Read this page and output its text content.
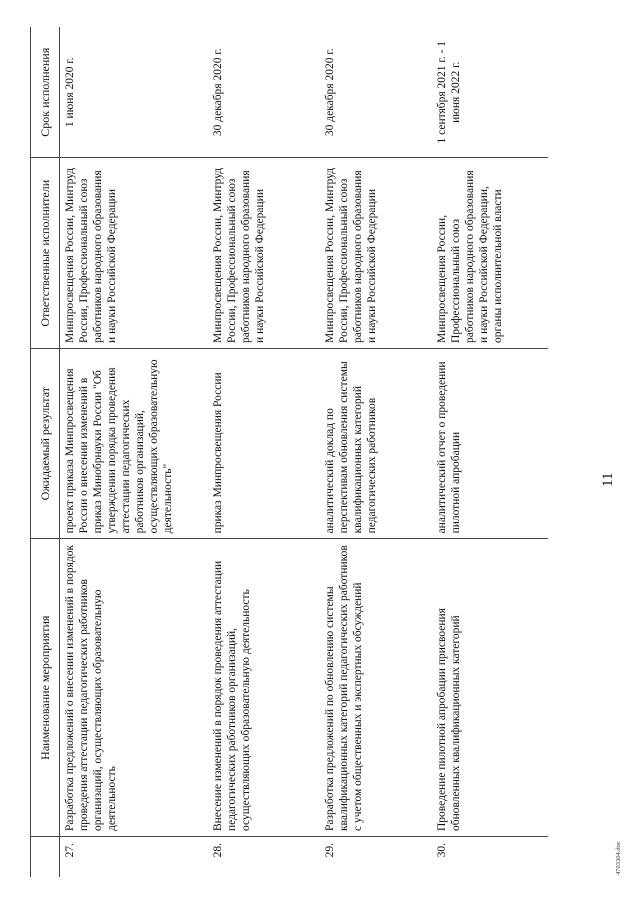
	Наименование мероприятия	Ожидаемый результат	Ответственные исполнители	Срок исполнения
27.	Разработка предложений о внесении изменений в порядок проведения аттестации педагогических работников организаций, осуществляющих образовательную деятельность	проект приказа Минпросвещения России о внесении изменений в приказ Минобрнауки России "Об утверждении порядка проведения аттестации педагогических работников организаций, осуществляющих образовательную деятельность"	Минпросвещения России, Минтруд России, Профессиональный союз работников народного образования и науки Российской Федерации	1 июня 2020 г.
28.	Внесение изменений в порядок проведения аттестации педагогических работников организаций, осуществляющих образовательную деятельность	приказ Минпросвещения России	Минпросвещения России, Минтруд России, Профессиональный союз работников народного образования и науки Российской Федерации	30 декабря 2020 г.
29.	Разработка предложений по обновлению системы квалификационных категорий педагогических работников с учетом общественных и экспертных обсуждений	аналитический доклад по перспективам обновления системы квалификационных категорий педагогических работников	Минпросвещения России, Минтруд России, Профессиональный союз работников народного образования и науки Российской Федерации	30 декабря 2020 г.
30.	Проведение пилотной апробации присвоения обновленных квалификационных категорий	аналитический отчет о проведении пилотной апробации	Минпросвещения России, Профессиональный союз работников народного образования и науки Российской Федерации, органы исполнительной власти	1 сентября 2021 г. - 1 июня 2022 г.
11
4703304.doc
